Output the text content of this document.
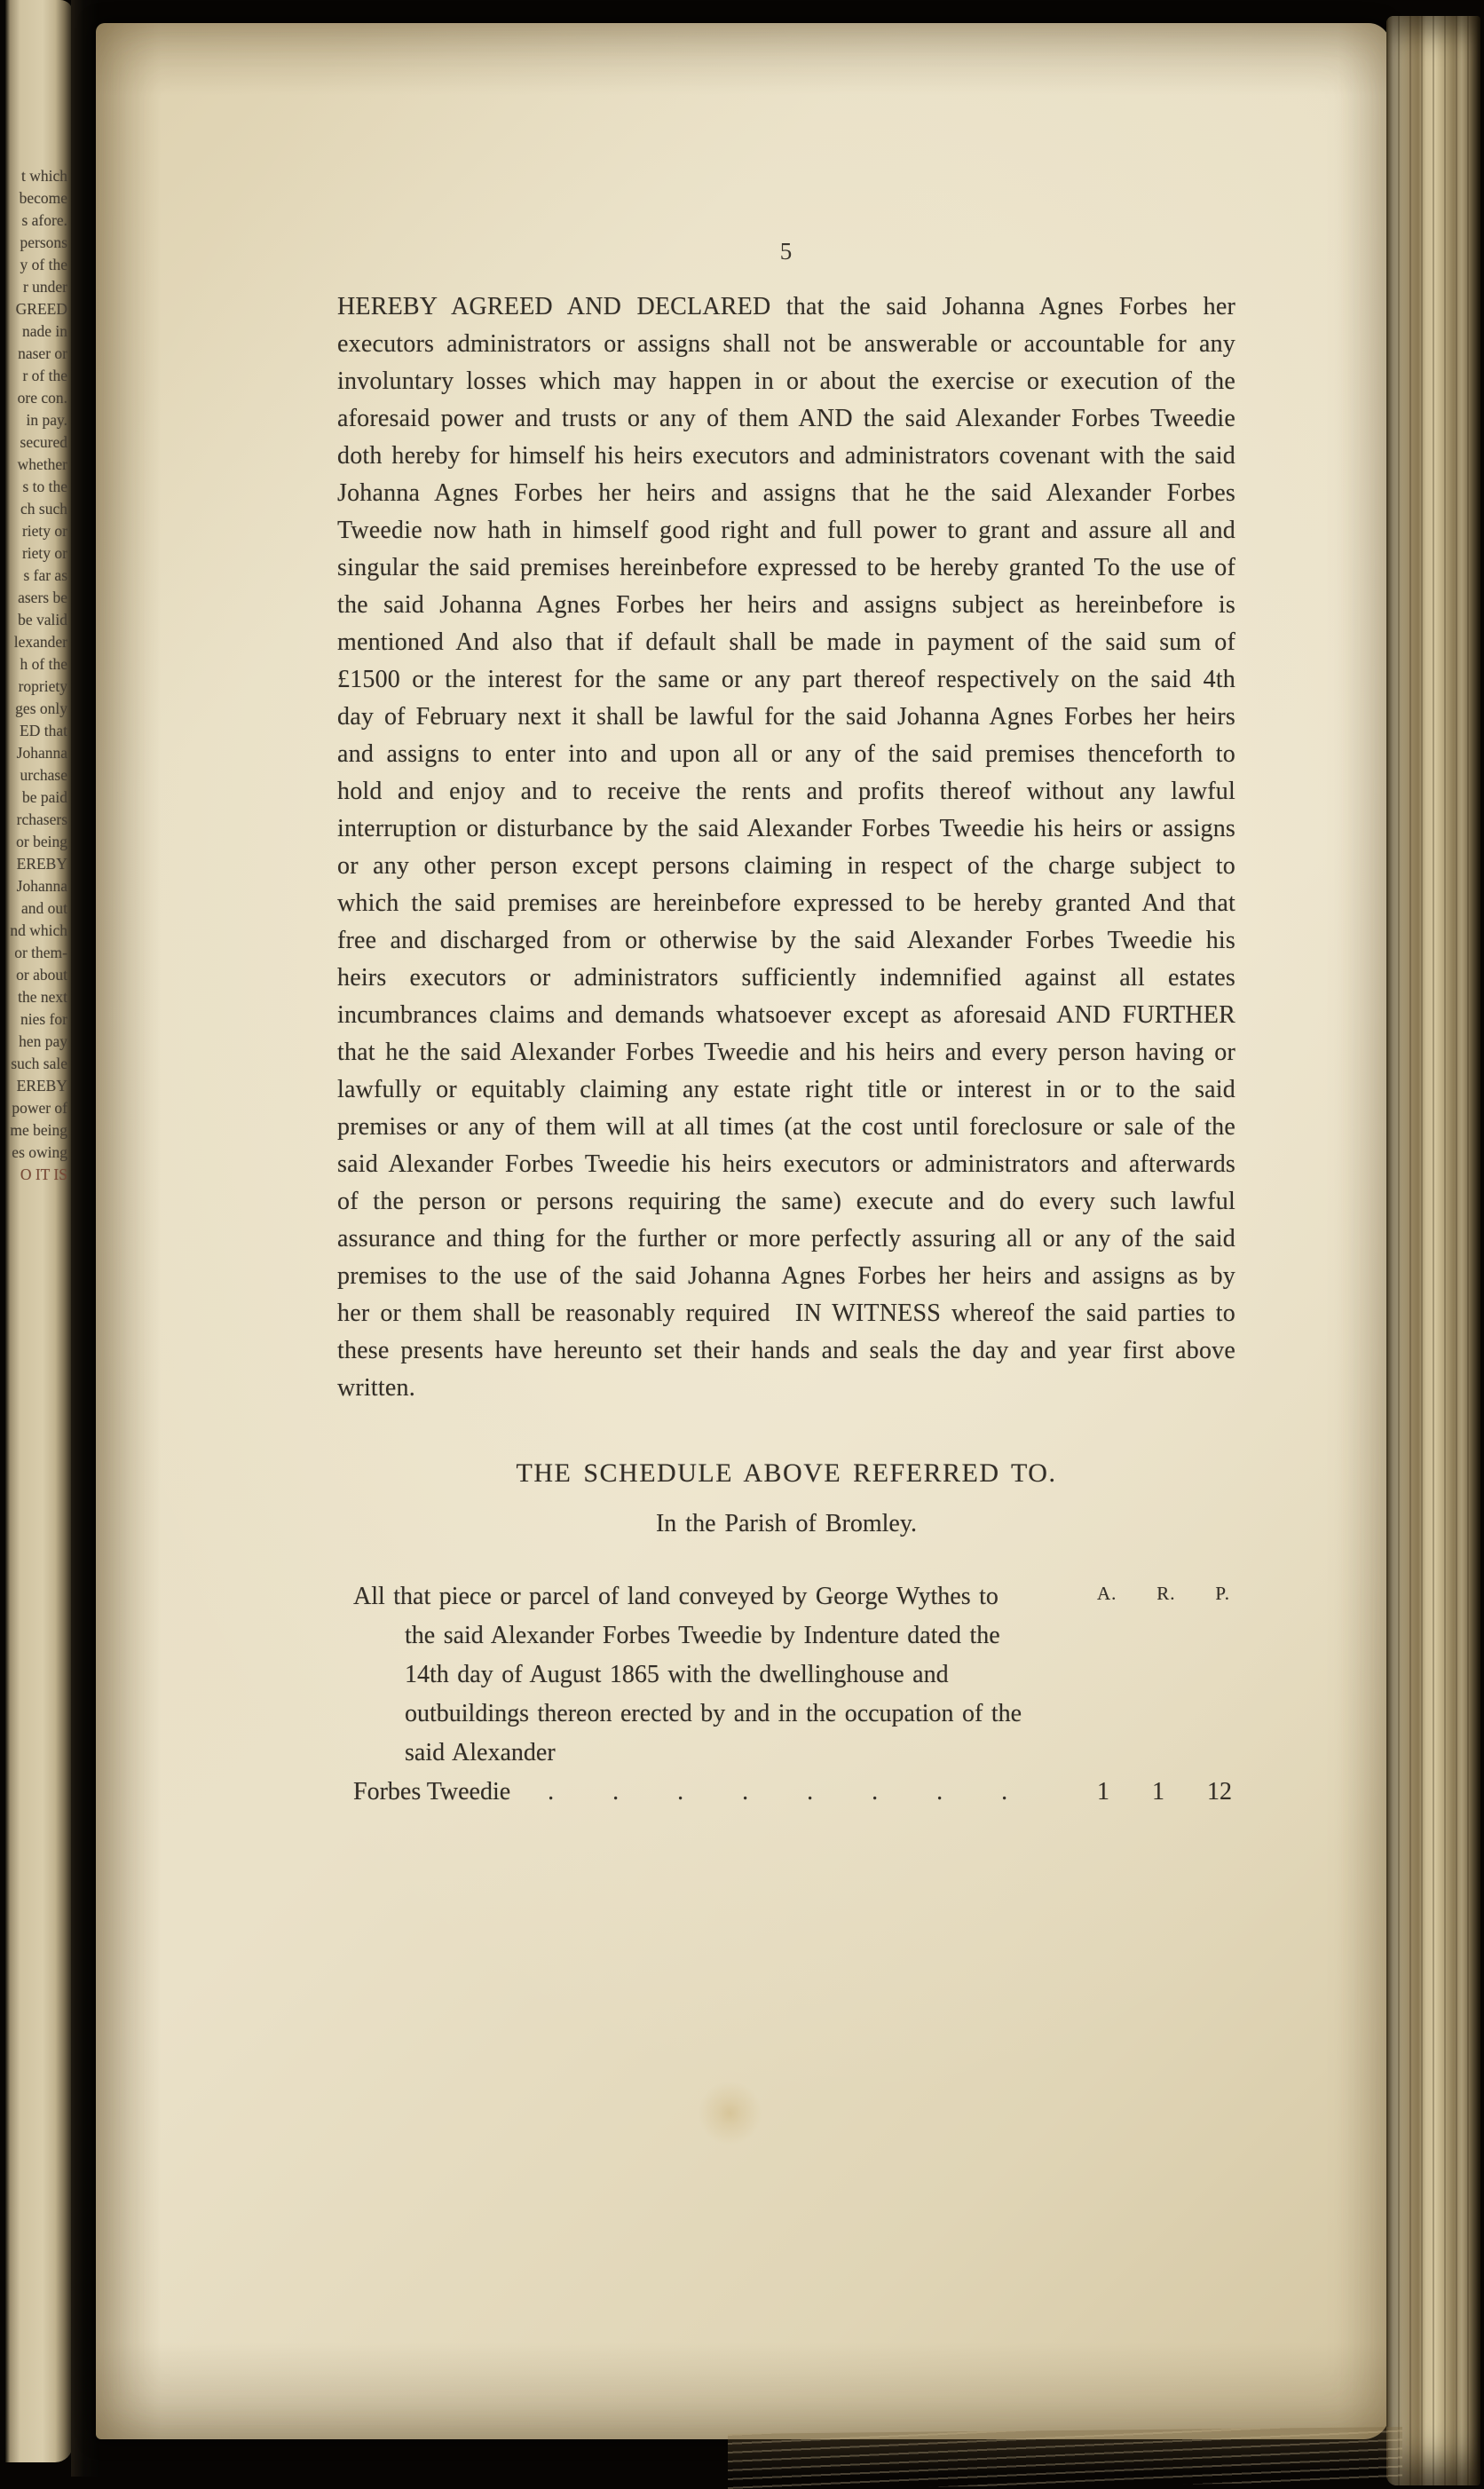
t which
become
s afore.
persons
y of the
r under
GREED
nade in
naser or
r of the
ore con.
in pay.
secured
whether
s to the
ch such
riety or
riety or
s far as
asers be
be valid
lexander
h of the
ropriety
ges only
ED that
Johanna
urchase
be paid
rchasers
or being
EREBY
Johanna
and out
nd which
or them-
or about
the next
nies for
hen pay
such sale
EREBY
power of
me being
es owing
O IT IS
5

HEREBY AGREED AND DECLARED that the said Johanna Agnes Forbes her executors administrators or assigns shall not be answerable or accountable for any involuntary losses which may happen in or about the exercise or execution of the aforesaid power and trusts or any of them AND the said Alexander Forbes Tweedie doth hereby for himself his heirs executors and administrators covenant with the said Johanna Agnes Forbes her heirs and assigns that he the said Alexander Forbes Tweedie now hath in himself good right and full power to grant and assure all and singular the said premises hereinbefore expressed to be hereby granted To the use of the said Johanna Agnes Forbes her heirs and assigns subject as hereinbefore is mentioned And also that if default shall be made in payment of the said sum of £1500 or the interest for the same or any part thereof respectively on the said 4th day of February next it shall be lawful for the said Johanna Agnes Forbes her heirs and assigns to enter into and upon all or any of the said premises thenceforth to hold and enjoy and to receive the rents and profits thereof without any lawful interruption or disturbance by the said Alexander Forbes Tweedie his heirs or assigns or any other person except persons claiming in respect of the charge subject to which the said premises are hereinbefore expressed to be hereby granted And that free and discharged from or otherwise by the said Alexander Forbes Tweedie his heirs executors or administrators sufficiently indemnified against all estates incumbrances claims and demands whatsoever except as aforesaid AND FURTHER that he the said Alexander Forbes Tweedie and his heirs and every person having or lawfully or equitably claiming any estate right title or interest in or to the said premises or any of them will at all times (at the cost until foreclosure or sale of the said Alexander Forbes Tweedie his heirs executors or administrators and afterwards of the person or persons requiring the same) execute and do every such lawful assurance and thing for the further or more perfectly assuring all or any of the said premises to the use of the said Johanna Agnes Forbes her heirs and assigns as by her or them shall be reasonably required IN WITNESS whereof the said parties to these presents have hereunto set their hands and seals the day and year first above written.

THE SCHEDULE ABOVE REFERRED TO.
In the Parish of Bromley.
A. R. P.
All that piece or parcel of land conveyed by George Wythes to the said Alexander Forbes Tweedie by Indenture dated the 14th day of August 1865 with the dwellinghouse and outbuildings thereon erected by and in the occupation of the said Alexander
Forbes Tweedie ........	1 1 12
